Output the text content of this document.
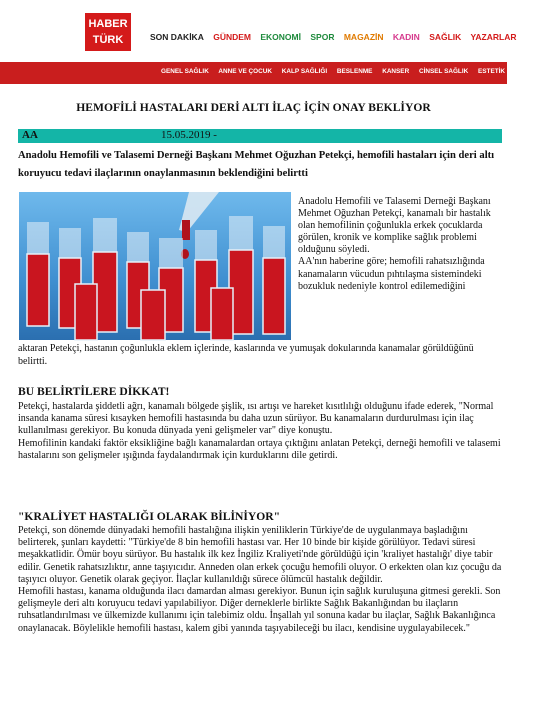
HABER
TÜRK	SON DAKİKA GÜNDEM EKONOMİ SPOR MAGAZİN KADIN SAĞLIK YAZARLAR
GENEL SAĞLIK ANNE VE ÇOCUK KALP SAĞLIĞI BESLENME KANSER CİNSEL SAĞLIK ESTETİK CERRAHİ
HEMOFİLİ HASTALARI DERİ ALTI İLAÇ İÇİN ONAY BEKLİYOR
AA	15.05.2019 -
Anadolu Hemofili ve Talasemi Derneği Başkanı Mehmet Oğuzhan Petekçi, hemofili hastaları için deri altı koruyucu tedavi ilaçlarının onaylanmasının beklendiğini belirtti

Anadolu Hemofili ve Talasemi Derneği Başkanı Mehmet Oğuzhan Petekçi, kanamalı bir hastalık olan hemofilinin çoğunlukla erkek çocuklarda görülen, kronik ve komplike sağlık problemi olduğunu söyledi.

AA'nın haberine göre; hemofili rahatsızlığında kanamaların vücudun pıhtılaşma sistemindeki bozukluk nedeniyle kontrol edilemediğini

aktaran Petekçi, hastanın çoğunlukla eklem içlerinde, kaslarında ve yumuşak dokularında kanamalar görüldüğünü belirtti.
BU BELİRTİLERE DİKKAT!

Petekçi, hastalarda şiddetli ağrı, kanamalı bölgede şişlik, ısı artışı ve hareket kısıtlılığı olduğunu ifade ederek, "Normal insanda kanama süresi kısayken hemofili hastasında bu daha uzun sürüyor. Bu kanamaların durdurulması için ilaç kullanılması gerekiyor. Bu konuda dünyada yeni gelişmeler var" diye konuştu.

Hemofilinin kandaki faktör eksikliğine bağlı kanamalardan ortaya çıktığını anlatan Petekçi, derneği hemofili ve talasemi hastalarını son gelişmeler ışığında faydalandırmak için kurduklarını dile getirdi.

"KRALİYET HASTALIĞI OLARAK BİLİNİYOR"

Petekçi, son dönemde dünyadaki hemofili hastalığına ilişkin yeniliklerin Türkiye'de de uygulanmaya başladığını belirterek, şunları kaydetti: "Türkiye'de 8 bin hemofili hastası var. Her 10 binde bir kişide görülüyor. Tedavi süresi meşakkatlidir. Ömür boyu sürüyor. Bu hastalık ilk kez İngiliz Kraliyeti'nde görüldüğü için 'kraliyet hastalığı' diye tabir edilir. Genetik rahatsızlıktır, anne taşıyıcıdır. Anneden olan erkek çocuğu hemofili oluyor. O erkekten olan kız çocuğu da taşıyıcı oluyor. Genetik olarak geçiyor. İlaçlar kullanıldığı sürece ölümcül hastalık değildir.

Hemofili hastası, kanama olduğunda ilacı damardan alması gerekiyor. Bunun için sağlık kuruluşuna gitmesi gerekli. Son gelişmeyle deri altı koruyucu tedavi yapılabiliyor. Diğer derneklerle birlikte Sağlık Bakanlığından bu ilaçların ruhsatlandırılması ve ülkemizde kullanımı için talebimiz oldu. İnşallah yıl sonuna kadar bu ilaçlar, Sağlık Bakanlığınca onaylanacak. Böylelikle hemofili hastası, kalem gibi yanında taşıyabileceği bu ilacı, kendisine uygulayabilecek."
